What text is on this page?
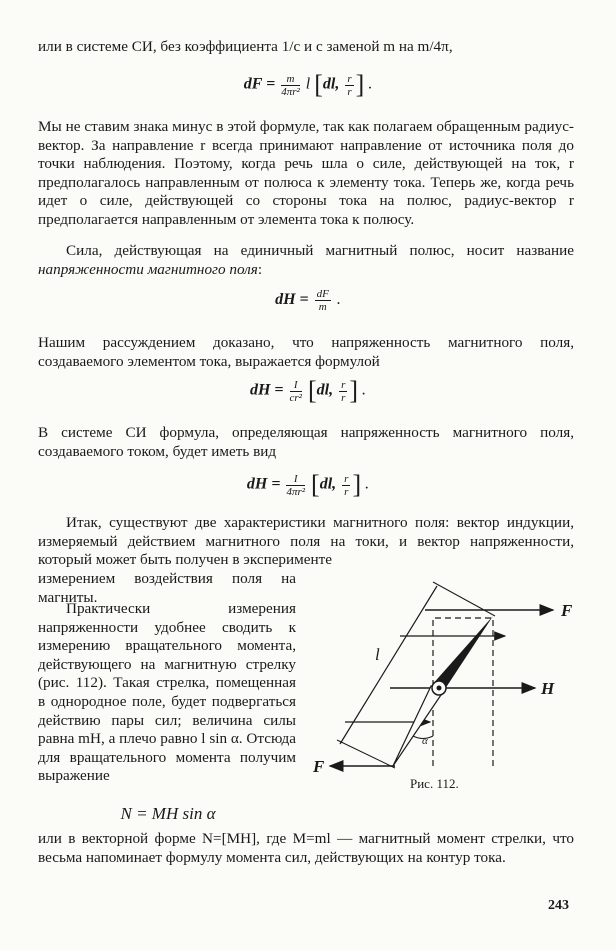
или в системе СИ, без коэффициента 1/c и с заменой m на m/4π,

dF = $\frac{m}{\text{4πr²}}$ l [dl, $\frac{r}{r}$ ] .

Мы не ставим знака минус в этой формуле, так как полагаем обращенным радиус-вектор. За направление r всегда принимают направление от источника поля до точки наблюдения. Поэтому, когда речь шла о силе, действующей на ток, r предполагалось направленным от полюса к элементу тока. Теперь же, когда речь идет о силе, действующей со стороны тока на полюс, радиус-вектор r предполагается направленным от элемента тока к полюсу.

Сила, действующая на единичный магнитный полюс, носит название напряженности магнитного поля:

dH = $\frac{dF}{m}$ .

Нашим рассуждением доказано, что напряженность магнитного поля, создаваемого элементом тока, выражается формулой

dH = $\frac{I}{\text{cr²}} [dl$, $\frac{r}{r}$ ] .

В системе СИ формула, определяющая напряженность магнитного поля, создаваемого током, будет иметь вид

dH = $\frac{I}{\text{4πr²}} [dl$, $\frac{r}{r}$ ] .

Итак, существуют две характеристики магнитного поля: вектор индукции, измеряемый действием магнитного поля на токи, и вектор напряженности, который может быть получен в эксперименте

измерением воздействия поля на магниты.

Практически измерения напряженности удобнее сводить к измерению вращательного момента, действующего на магнитную стрелку (рис. 112). Такая стрелка, помещенная в однородное поле, будет подвергаться действию пары сил; величина силы равна mH, а плечо равно l sin α. Отсюда для вращательного момента получим выражение

N = MH sin α

или в векторной форме N=[MH], где M=ml — магнитный момент стрелки, что весьма напоминает формулу момента сил, действующих на контур тока.

F
H
F
l
α
Рис. 112.
243
